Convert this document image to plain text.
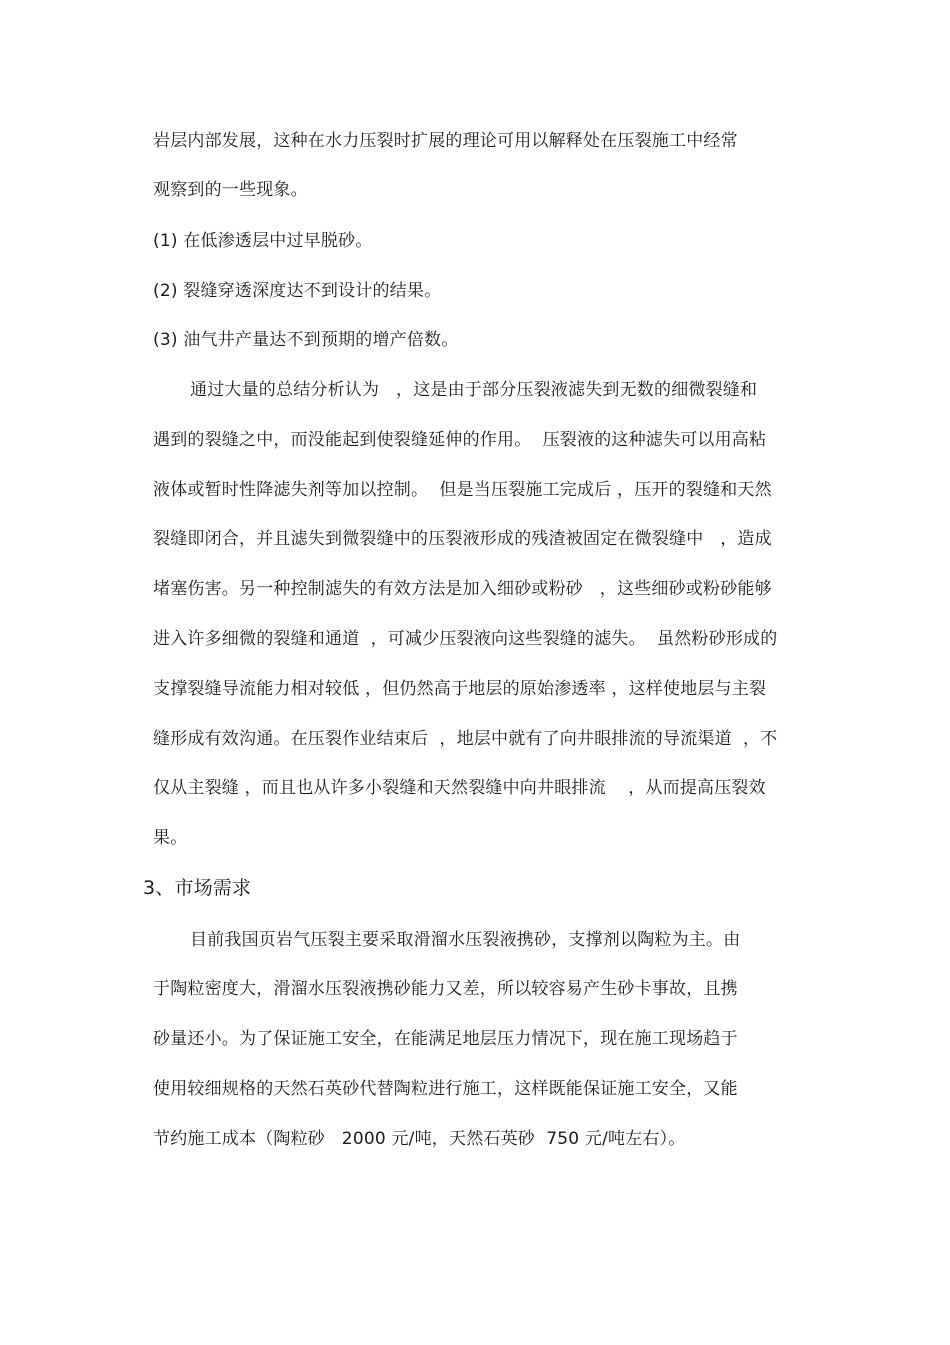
岩层内部发展，这种在水力压裂时扩展的理论可用以解释处在压裂施工中经常
观察到的一些现象。
(1) 在低渗透层中过早脱砂。
(2) 裂缝穿透深度达不到设计的结果。
(3) 油气井产量达不到预期的增产倍数。
通过大量的总结分析认为   ，这是由于部分压裂液滤失到无数的细微裂缝和
遇到的裂缝之中，而没能起到使裂缝延伸的作用。  压裂液的这种滤失可以用高粘
液体或暂时性降滤失剂等加以控制。  但是当压裂施工完成后 ，压开的裂缝和天然
裂缝即闭合，并且滤失到微裂缝中的压裂液形成的残渣被固定在微裂缝中   ，造成
堵塞伤害。另一种控制滤失的有效方法是加入细砂或粉砂   ，这些细砂或粉砂能够
进入许多细微的裂缝和通道  ，可减少压裂液向这些裂缝的滤失。  虽然粉砂形成的
支撑裂缝导流能力相对较低 ，但仍然高于地层的原始渗透率 ，这样使地层与主裂
缝形成有效沟通。在压裂作业结束后  ，地层中就有了向井眼排流的导流渠道  ，不
仅从主裂缝 ，而且也从许多小裂缝和天然裂缝中向井眼排流    ，从而提高压裂效
果。
3、市场需求
目前我国页岩气压裂主要采取滑溜水压裂液携砂，支撑剂以陶粒为主。由
于陶粒密度大，滑溜水压裂液携砂能力又差，所以较容易产生砂卡事故，且携
砂量还小。为了保证施工安全，在能满足地层压力情况下，现在施工现场趋于
使用较细规格的天然石英砂代替陶粒进行施工，这样既能保证施工安全，又能
节约施工成本（陶粒砂   2000 元/吨，天然石英砂  750 元/吨左右）。
